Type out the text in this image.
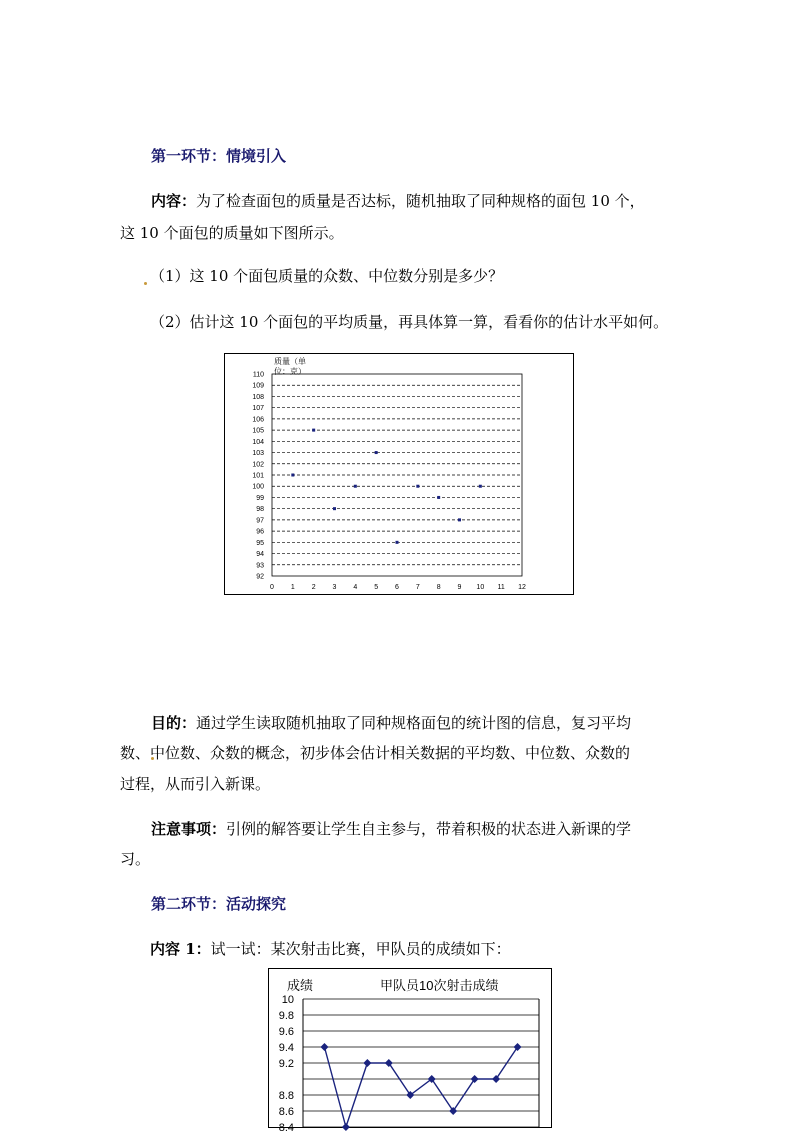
第一环节：情境引入
内容：为了检查面包的质量是否达标，随机抽取了同种规格的面包 10 个，
这 10 个面包的质量如下图所示。
（1）这 10 个面包质量的众数、中位数分别是多少？
（2）估计这 10 个面包的平均质量，再具体算一算，看看你的估计水平如何。
质量（单
位：克）
92
93
94
95
96
97
98
99
100
101
102
103
104
105
106
107
108
109
110
0 1 2 3 4 5 6 7 8 9 10 11 12
目的：通过学生读取随机抽取了同种规格面包的统计图的信息，复习平均
数、中位数、众数的概念，初步体会估计相关数据的平均数、中位数、众数的
过程，从而引入新课。
注意事项：引例的解答要让学生自主参与，带着积极的状态进入新课的学
习。
第二环节：活动探究
内容 1：试一试：某次射击比赛，甲队员的成绩如下：
成绩	甲队员10次射击成绩
10
9.8
9.6
9.4
9.2
8.8
8.6
8.4
